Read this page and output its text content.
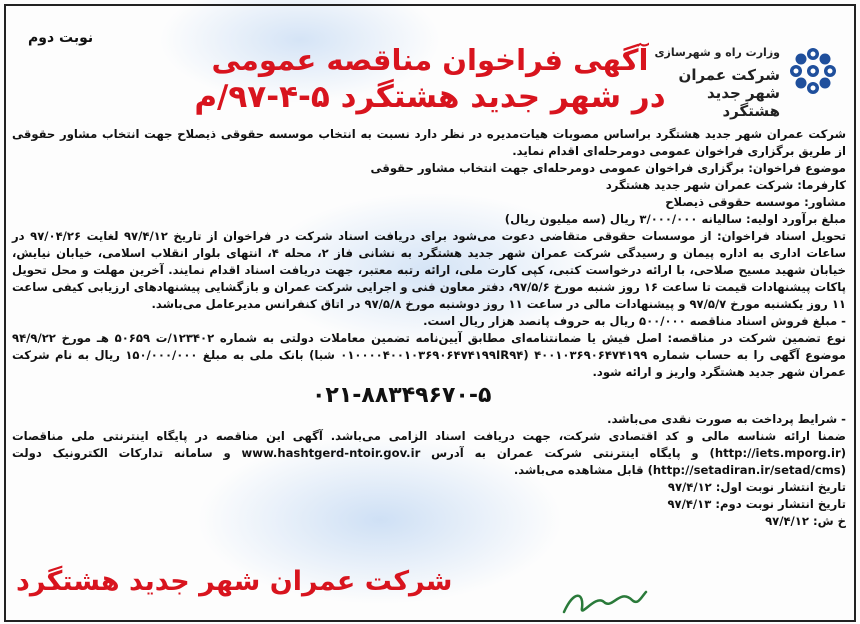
نوبت دوم
آگهی فراخوان مناقصه عمومی
در شهر جدید هشتگرد ۵-۴-۹۷/م
وزارت راه و شهرسازی
شرکت عمران شهر جدید هشتگرد

شرکت عمران شهر جدید هشتگرد براساس مصوبات هیات‌مدیره در نظر دارد نسبت به انتخاب موسسه حقوقی ذیصلاح جهت انتخاب مشاور حقوقی از طریق برگزاری فراخوان عمومی دومرحله‌ای اقدام نماید.

موضوع فراخوان: برگزاری فراخوان عمومی دومرحله‌ای جهت انتخاب مشاور حقوقی

کارفرما: شرکت عمران شهر جدید هشتگرد

مشاور: موسسه حقوقی ذیصلاح

مبلغ برآورد اولیه: سالیانه ۳/۰۰۰/۰۰۰ ریال (سه میلیون ریال)

تحویل اسناد فراخوان: از موسسات حقوقی متقاضی دعوت می‌شود برای دریافت اسناد شرکت در فراخوان از تاریخ ۹۷/۴/۱۲ لغایت ۹۷/۰۴/۲۶ در ساعات اداری به اداره پیمان و رسیدگی شرکت عمران شهر جدید هشتگرد به نشانی فاز ۲، محله ۴، انتهای بلوار انقلاب اسلامی، خیابان نیایش، خیابان شهید مسیح صلاحی، با ارائه درخواست کتبی، کپی کارت ملی، ارائه رتبه معتبر، جهت دریافت اسناد اقدام نمایند. آخرین مهلت و محل تحویل پاکات پیشنهادات قیمت تا ساعت ۱۶ روز شنبه مورخ ۹۷/۵/۶، دفتر معاون فنی و اجرایی شرکت عمران و بازگشایی پیشنهادهای ارزیابی کیفی ساعت ۱۱ روز یکشنبه مورخ ۹۷/۵/۷ و پیشنهادات مالی در ساعت ۱۱ روز دوشنبه مورخ ۹۷/۵/۸ در اتاق کنفرانس مدیرعامل می‌باشد.

- مبلغ فروش اسناد مناقصه ۵۰۰/۰۰۰ ریال به حروف پانصد هزار ریال است.

نوع تضمین شرکت در مناقصه: اصل فیش یا ضمانتنامه‌ای مطابق آیین‌نامه تضمین معاملات دولتی به شماره ۱۲۳۴۰۲/ت ۵۰۶۵۹ هـ مورخ ۹۴/۹/۲۲ موضوع آگهی را به حساب شماره ۴۰۰۱۰۳۶۹۰۶۴۷۴۱۹۹ (۰۱۰۰۰۰۴۰۰۱۰۳۶۹۰۶۴۷۴۱۹۹IR۹۴ شبا) بانک ملی به مبلغ ۱۵۰/۰۰۰/۰۰۰ ریال به نام شرکت عمران شهر جدید هشتگرد واریز و ارائه شود.

۰۲۱-۸۸۳۴۹۶۷۰-۵

- شرایط پرداخت به صورت نقدی می‌باشد.

ضمنا ارائه شناسه مالی و کد اقتصادی شرکت، جهت دریافت اسناد الزامی می‌باشد. آگهی این مناقصه در پایگاه اینترنتی ملی مناقصات (http://iets.mporg.ir) و پایگاه اینترنتی شرکت عمران به آدرس www.hashtgerd-ntoir.gov.ir و سامانه تدارکات الکترونیک دولت (http://setadiran.ir/setad/cms) قابل مشاهده می‌باشد.

تاریخ انتشار نوبت اول: ۹۷/۴/۱۲

تاریخ انتشار نوبت دوم: ۹۷/۴/۱۳

خ ش: ۹۷/۴/۱۲

شرکت عمران شهر جدید هشتگرد
